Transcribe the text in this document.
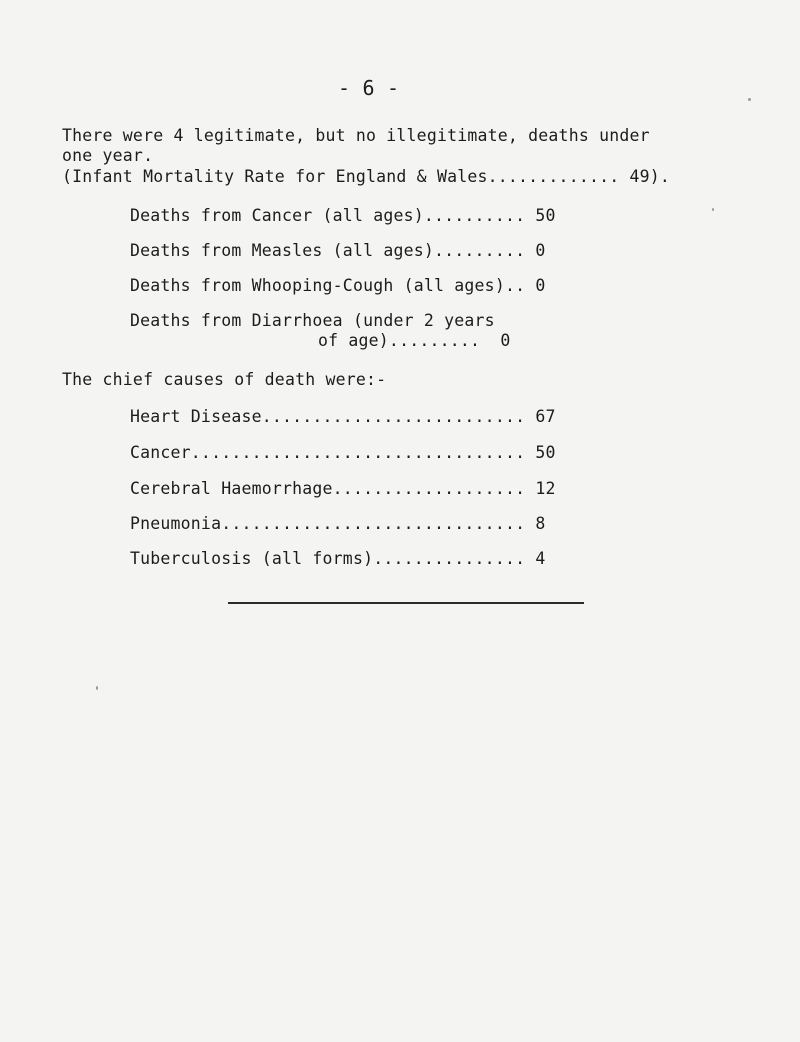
- 6 -
There were 4 legitimate, but no illegitimate, deaths under
one year.
(Infant Mortality Rate for England & Wales............. 49).
Deaths from Cancer (all ages).......... 50
Deaths from Measles (all ages)......... 0
Deaths from Whooping-Cough (all ages).. 0
Deaths from Diarrhoea (under 2 years
of age).........  0
The chief causes of death were:-
Heart Disease.......................... 67
Cancer................................. 50
Cerebral Haemorrhage................... 12
Pneumonia.............................. 8
Tuberculosis (all forms)............... 4
